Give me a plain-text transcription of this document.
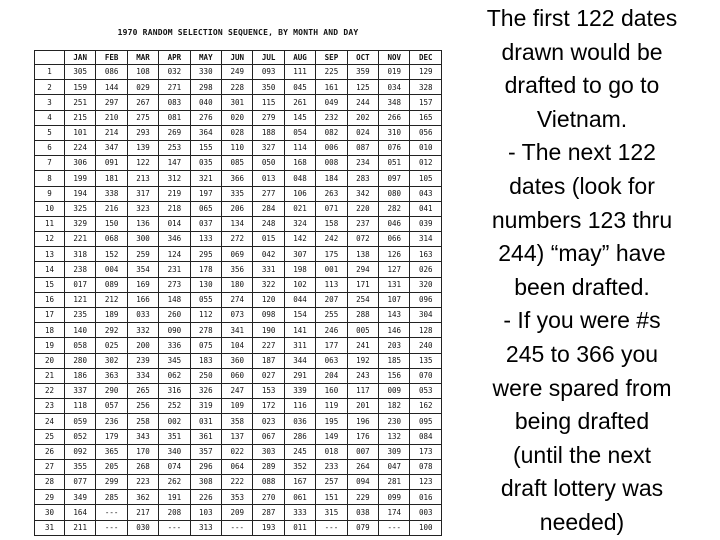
1970 RANDOM SELECTION SEQUENCE, BY MONTH AND DAY
	JAN	FEB	MAR	APR	MAY	JUN	JUL	AUG	SEP	OCT	NOV	DEC
1	305	086	108	032	330	249	093	111	225	359	019	129
2	159	144	029	271	298	228	350	045	161	125	034	328
3	251	297	267	083	040	301	115	261	049	244	348	157
4	215	210	275	081	276	020	279	145	232	202	266	165
5	101	214	293	269	364	028	188	054	082	024	310	056
6	224	347	139	253	155	110	327	114	006	087	076	010
7	306	091	122	147	035	085	050	168	008	234	051	012
8	199	181	213	312	321	366	013	048	184	283	097	105
9	194	338	317	219	197	335	277	106	263	342	080	043
10	325	216	323	218	065	206	284	021	071	220	282	041
11	329	150	136	014	037	134	248	324	158	237	046	039
12	221	068	300	346	133	272	015	142	242	072	066	314
13	318	152	259	124	295	069	042	307	175	138	126	163
14	238	004	354	231	178	356	331	198	001	294	127	026
15	017	089	169	273	130	180	322	102	113	171	131	320
16	121	212	166	148	055	274	120	044	207	254	107	096
17	235	189	033	260	112	073	098	154	255	288	143	304
18	140	292	332	090	278	341	190	141	246	005	146	128
19	058	025	200	336	075	104	227	311	177	241	203	240
20	280	302	239	345	183	360	187	344	063	192	185	135
21	186	363	334	062	250	060	027	291	204	243	156	070
22	337	290	265	316	326	247	153	339	160	117	009	053
23	118	057	256	252	319	109	172	116	119	201	182	162
24	059	236	258	002	031	358	023	036	195	196	230	095
25	052	179	343	351	361	137	067	286	149	176	132	084
26	092	365	170	340	357	022	303	245	018	007	309	173
27	355	205	268	074	296	064	289	352	233	264	047	078
28	077	299	223	262	308	222	088	167	257	094	281	123
29	349	285	362	191	226	353	270	061	151	229	099	016
30	164	---	217	208	103	209	287	333	315	038	174	003
31	211	---	030	---	313	---	193	011	---	079	---	100
The first 122 dates
drawn would be
drafted to go to
Vietnam.
- The next 122
dates (look for
numbers 123 thru
244) “may” have
been drafted.
- If you were #s
245 to 366 you
were spared from
being drafted
(until the next
draft lottery was
needed)
